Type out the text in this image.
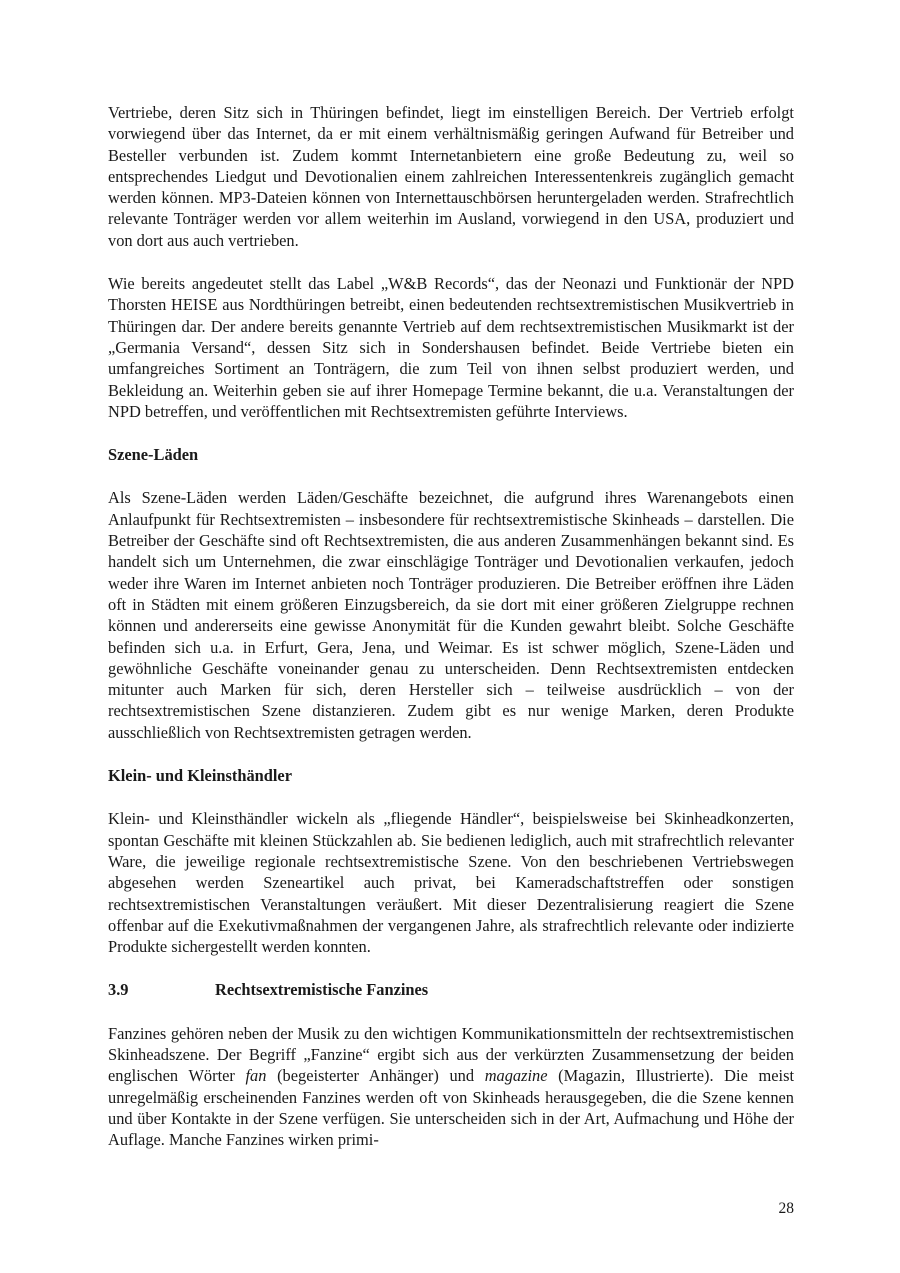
Vertriebe, deren Sitz sich in Thüringen befindet, liegt im einstelligen Bereich. Der Vertrieb erfolgt vorwiegend über das Internet, da er mit einem verhältnismäßig geringen Aufwand für Betreiber und Besteller verbunden ist. Zudem kommt Internetanbietern eine große Bedeutung zu, weil so entsprechendes Liedgut und Devotionalien einem zahlreichen Interessentenkreis zugänglich gemacht werden können. MP3-Dateien können von Internettauschbörsen heruntergeladen werden. Strafrechtlich relevante Tonträger werden vor allem weiterhin im Ausland, vorwiegend in den USA, produziert und von dort aus auch vertrieben.

Wie bereits angedeutet stellt das Label „W&B Records“, das der Neonazi und Funktionär der NPD Thorsten HEISE aus Nordthüringen betreibt, einen bedeutenden rechtsextremistischen Musikvertrieb in Thüringen dar. Der andere bereits genannte Vertrieb auf dem rechtsextremistischen Musikmarkt ist der „Germania Versand“, dessen Sitz sich in Sondershausen befindet. Beide Vertriebe bieten ein umfangreiches Sortiment an Tonträgern, die zum Teil von ihnen selbst produziert werden, und Bekleidung an. Weiterhin geben sie auf ihrer Homepage Termine bekannt, die u.a. Veranstaltungen der NPD betreffen, und veröffentlichen mit Rechtsextremisten geführte Interviews.

Szene-Läden

Als Szene-Läden werden Läden/Geschäfte bezeichnet, die aufgrund ihres Warenangebots einen Anlaufpunkt für Rechtsextremisten – insbesondere für rechtsextremistische Skinheads – darstellen. Die Betreiber der Geschäfte sind oft Rechtsextremisten, die aus anderen Zusammenhängen bekannt sind. Es handelt sich um Unternehmen, die zwar einschlägige Tonträger und Devotionalien verkaufen, jedoch weder ihre Waren im Internet anbieten noch Tonträger produzieren. Die Betreiber eröffnen ihre Läden oft in Städten mit einem größeren Einzugsbereich, da sie dort mit einer größeren Zielgruppe rechnen können und andererseits eine gewisse Anonymität für die Kunden gewahrt bleibt. Solche Geschäfte befinden sich u.a. in Erfurt, Gera, Jena, und Weimar. Es ist schwer möglich, Szene-Läden und gewöhnliche Geschäfte voneinander genau zu unterscheiden. Denn Rechtsextremisten entdecken mitunter auch Marken für sich, deren Hersteller sich – teilweise ausdrücklich – von der rechtsextremistischen Szene distanzieren. Zudem gibt es nur wenige Marken, deren Produkte ausschließlich von Rechtsextremisten getragen werden.

Klein- und Kleinsthändler

Klein- und Kleinsthändler wickeln als „fliegende Händler“, beispielsweise bei Skinheadkonzerten, spontan Geschäfte mit kleinen Stückzahlen ab. Sie bedienen lediglich, auch mit strafrechtlich relevanter Ware, die jeweilige regionale rechtsextremistische Szene. Von den beschriebenen Vertriebswegen abgesehen werden Szeneartikel auch privat, bei Kameradschaftstreffen oder sonstigen rechtsextremistischen Veranstaltungen veräußert. Mit dieser Dezentralisierung reagiert die Szene offenbar auf die Exekutivmaßnahmen der vergangenen Jahre, als strafrechtlich relevante oder indizierte Produkte sichergestellt werden konnten.

3.9	Rechtsextremistische Fanzines

Fanzines gehören neben der Musik zu den wichtigen Kommunikationsmitteln der rechtsextremistischen Skinheadszene. Der Begriff „Fanzine“ ergibt sich aus der verkürzten Zusammensetzung der beiden englischen Wörter fan (begeisterter Anhänger) und magazine (Magazin, Illustrierte). Die meist unregelmäßig erscheinenden Fanzines werden oft von Skinheads herausgegeben, die die Szene kennen und über Kontakte in der Szene verfügen. Sie unterscheiden sich in der Art, Aufmachung und Höhe der Auflage. Manche Fanzines wirken primi-

28
